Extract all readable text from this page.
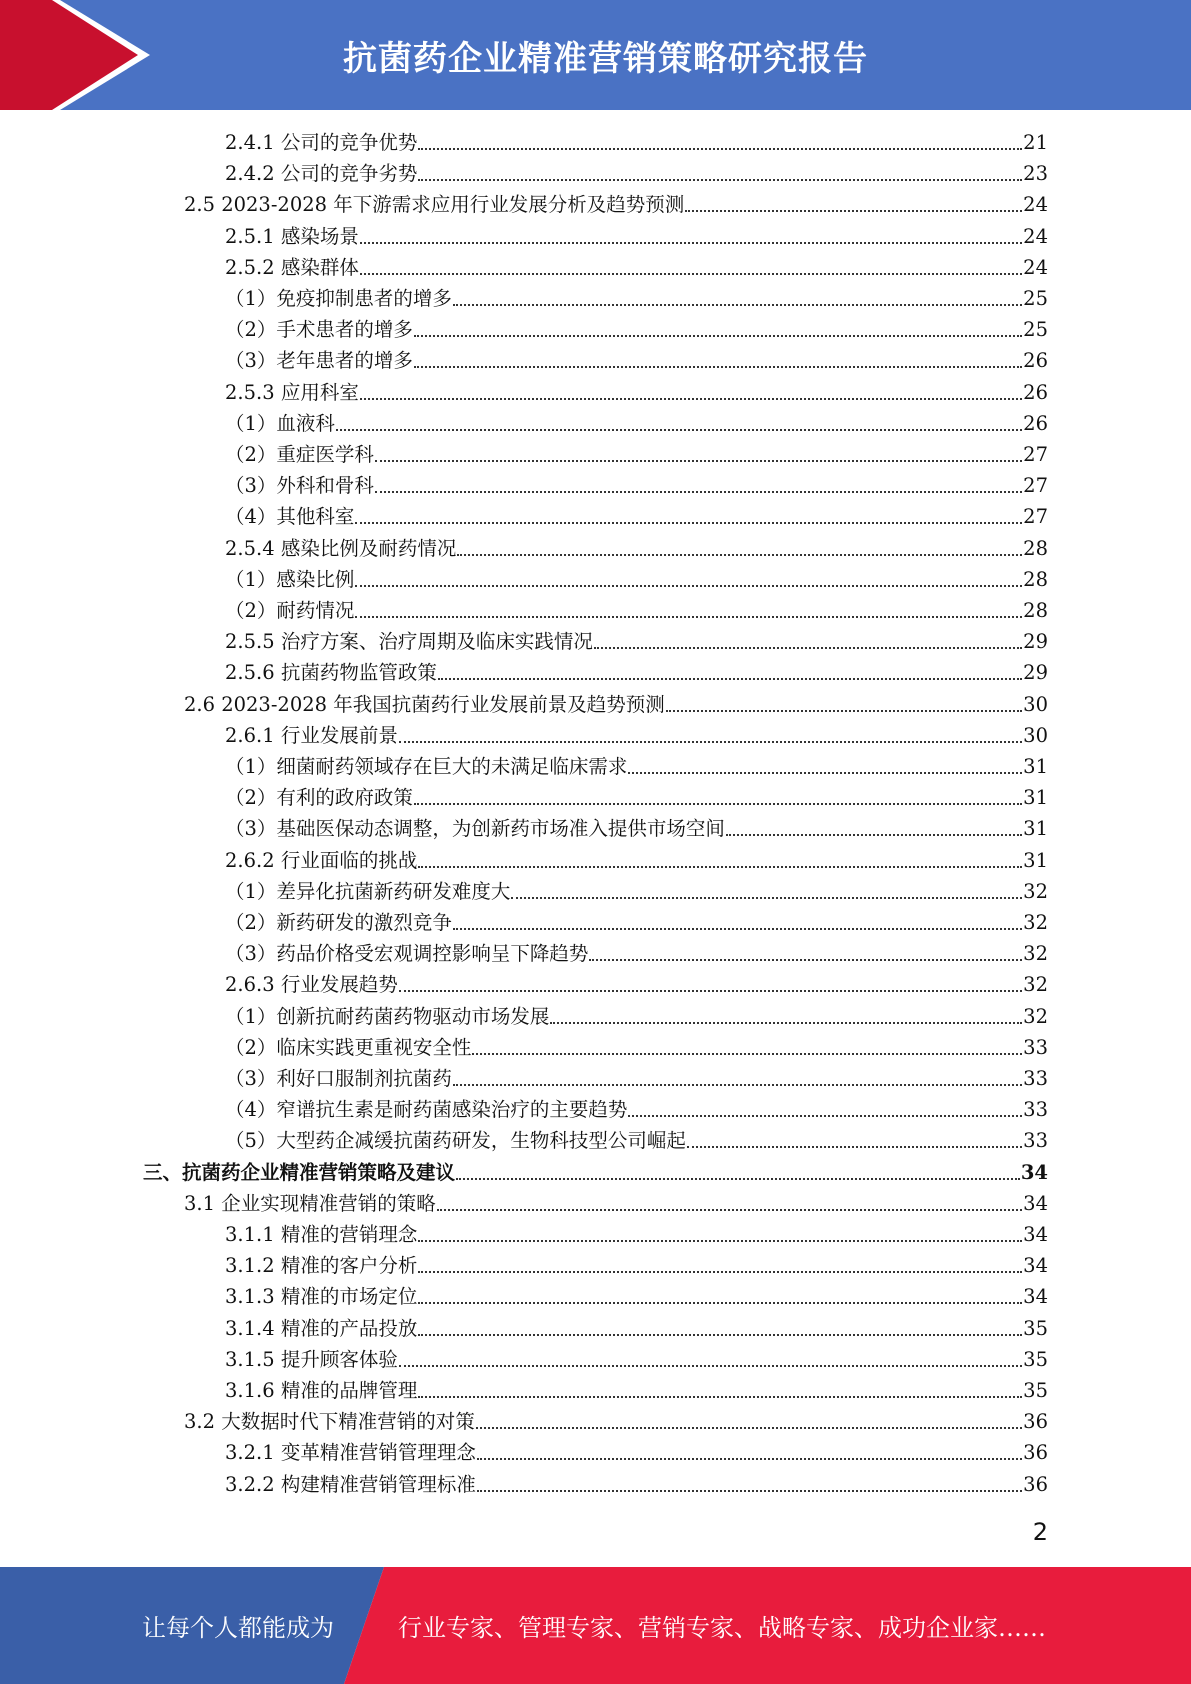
抗菌药企业精准营销策略研究报告
2.4.1 公司的竞争优势	21
2.4.2 公司的竞争劣势	23
2.5 2023-2028 年下游需求应用行业发展分析及趋势预测	24
2.5.1 感染场景	24
2.5.2 感染群体	24
（1）免疫抑制患者的增多	25
（2）手术患者的增多	25
（3）老年患者的增多	26
2.5.3 应用科室	26
（1）血液科	26
（2）重症医学科	27
（3）外科和骨科	27
（4）其他科室	27
2.5.4 感染比例及耐药情况	28
（1）感染比例	28
（2）耐药情况	28
2.5.5 治疗方案、治疗周期及临床实践情况	29
2.5.6 抗菌药物监管政策	29
2.6 2023-2028 年我国抗菌药行业发展前景及趋势预测	30
2.6.1 行业发展前景	30
（1）细菌耐药领域存在巨大的未满足临床需求	31
（2）有利的政府政策	31
（3）基础医保动态调整，为创新药市场准入提供市场空间	31
2.6.2 行业面临的挑战	31
（1）差异化抗菌新药研发难度大	32
（2）新药研发的激烈竞争	32
（3）药品价格受宏观调控影响呈下降趋势	32
2.6.3 行业发展趋势	32
（1）创新抗耐药菌药物驱动市场发展	32
（2）临床实践更重视安全性	33
（3）利好口服制剂抗菌药	33
（4）窄谱抗生素是耐药菌感染治疗的主要趋势	33
（5）大型药企减缓抗菌药研发，生物科技型公司崛起	33
三、抗菌药企业精准营销策略及建议	34
3.1 企业实现精准营销的策略	34
3.1.1 精准的营销理念	34
3.1.2 精准的客户分析	34
3.1.3 精准的市场定位	34
3.1.4 精准的产品投放	35
3.1.5 提升顾客体验	35
3.1.6 精准的品牌管理	35
3.2 大数据时代下精准营销的对策	36
3.2.1 变革精准营销管理理念	36
3.2.2 构建精准营销管理标准	36
2
让每个人都能成为	行业专家、管理专家、营销专家、战略专家、成功企业家……
